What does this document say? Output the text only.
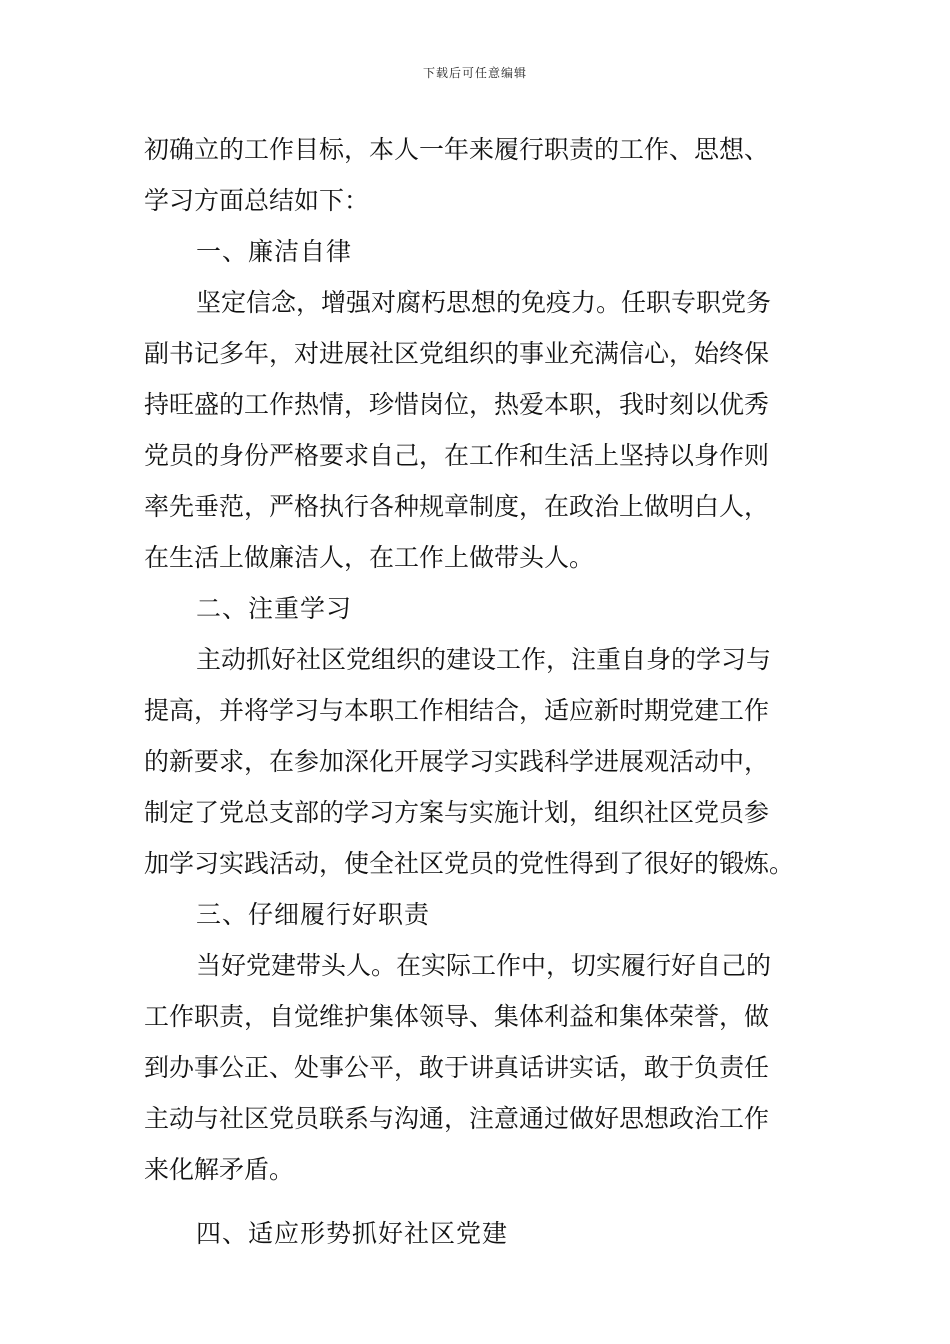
下载后可任意编辑
初确立的工作目标，本人一年来履行职责的工作、思想、
学习方面总结如下：
一、廉洁自律
坚定信念，增强对腐朽思想的免疫力。任职专职党务
副书记多年，对进展社区党组织的事业充满信心，始终保
持旺盛的工作热情，珍惜岗位，热爱本职，我时刻以优秀
党员的身份严格要求自己，在工作和生活上坚持以身作则
率先垂范，严格执行各种规章制度，在政治上做明白人，
在生活上做廉洁人，在工作上做带头人。
二、注重学习
主动抓好社区党组织的建设工作，注重自身的学习与
提高，并将学习与本职工作相结合，适应新时期党建工作
的新要求，在参加深化开展学习实践科学进展观活动中，
制定了党总支部的学习方案与实施计划，组织社区党员参
加学习实践活动，使全社区党员的党性得到了很好的锻炼。
三、仔细履行好职责
当好党建带头人。在实际工作中，切实履行好自己的
工作职责，自觉维护集体领导、集体利益和集体荣誉，做
到办事公正、处事公平，敢于讲真话讲实话，敢于负责任
主动与社区党员联系与沟通，注意通过做好思想政治工作
来化解矛盾。
四、适应形势抓好社区党建
